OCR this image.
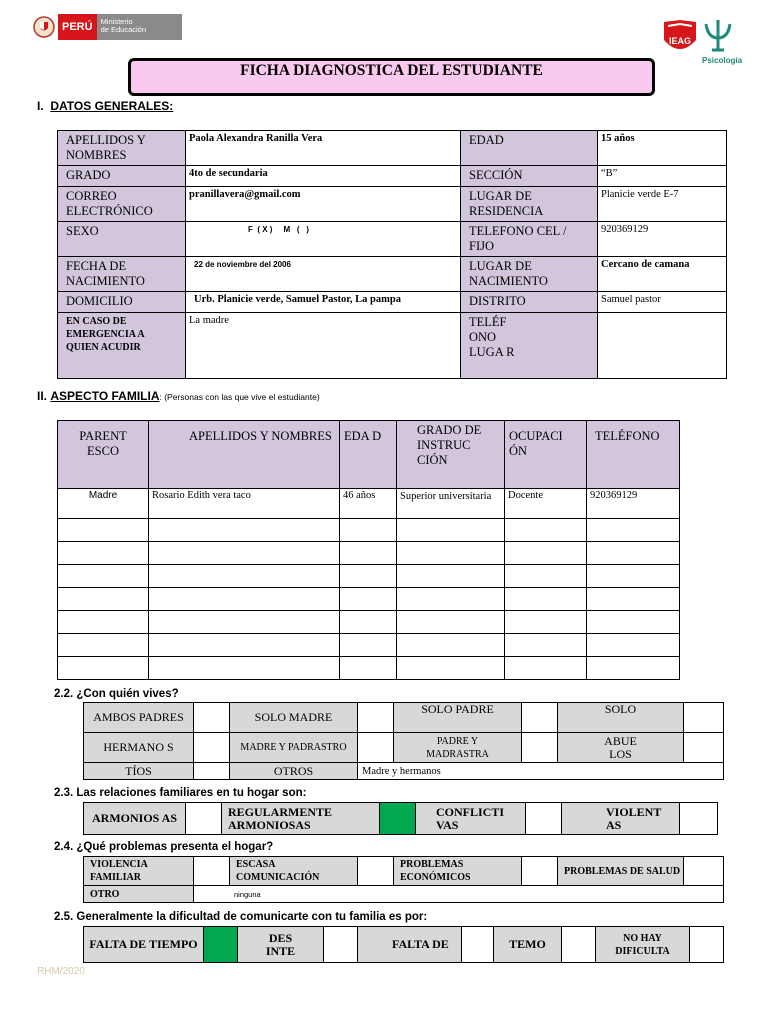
PERÚ	Ministerio
de Educación
IEAG
Psicología
FICHA DIAGNOSTICA DEL ESTUDIANTE
I. DATOS GENERALES:
APELLIDOS Y NOMBRES	Paola Alexandra Ranilla Vera	EDAD	15 años
GRADO	4to de secundaria	SECCIÓN	“B”
CORREO ELECTRÓNICO	pranillavera@gmail.com	LUGAR DE RESIDENCIA	Planicie verde E-7
SEXO	F  ( X )     M   (   )	TELEFONO CEL / FIJO	920369129
FECHA DE NACIMIENTO	22 de noviembre del 2006	LUGAR DE NACIMIENTO	Cercano de camana
DOMICILIO	Urb. Planicie verde, Samuel Pastor, La pampa	DISTRITO	Samuel pastor
EN CASO DE EMERGENCIA A QUIEN ACUDIR	La madre	TELÉF ONO LUGA R	

II. ASPECTO FAMILIA: (Personas con las que vive el estudiante)
PARENT ESCO	APELLIDOS Y NOMBRES	EDA D	GRADO DE INSTRUC CIÓN	OCUPACI ÓN	TELÉFONO
Madre	Rosario Edith vera taco	46 años	Superior universitaria	Docente	920369129

2.2. ¿Con quién vives?
AMBOS PADRES		SOLO MADRE		SOLO PADRE		SOLO	
HERMANO S		MADRE Y PADRASTRO		PADRE Y MADRASTRA		ABUE LOS	
TÍOS		OTROS	Madre y hermanos				
2.3. Las relaciones familiares en tu hogar son:
ARMONIOS AS		REGULARMENTE ARMONIOSAS		CONFLICTI VAS		VIOLENT AS	
2.4. ¿Qué problemas presenta el hogar?
VIOLENCIA FAMILIAR		ESCASA COMUNICACIÓN		PROBLEMAS ECONÓMICOS		PROBLEMAS DE SALUD	
OTRO	ninguna						
2.5. Generalmente la dificultad de comunicarte con tu familia es por:
FALTA DE TIEMPO		DES INTE		FALTA DE		TEMO		NO HAY DIFICULTA	
RHM/2020
